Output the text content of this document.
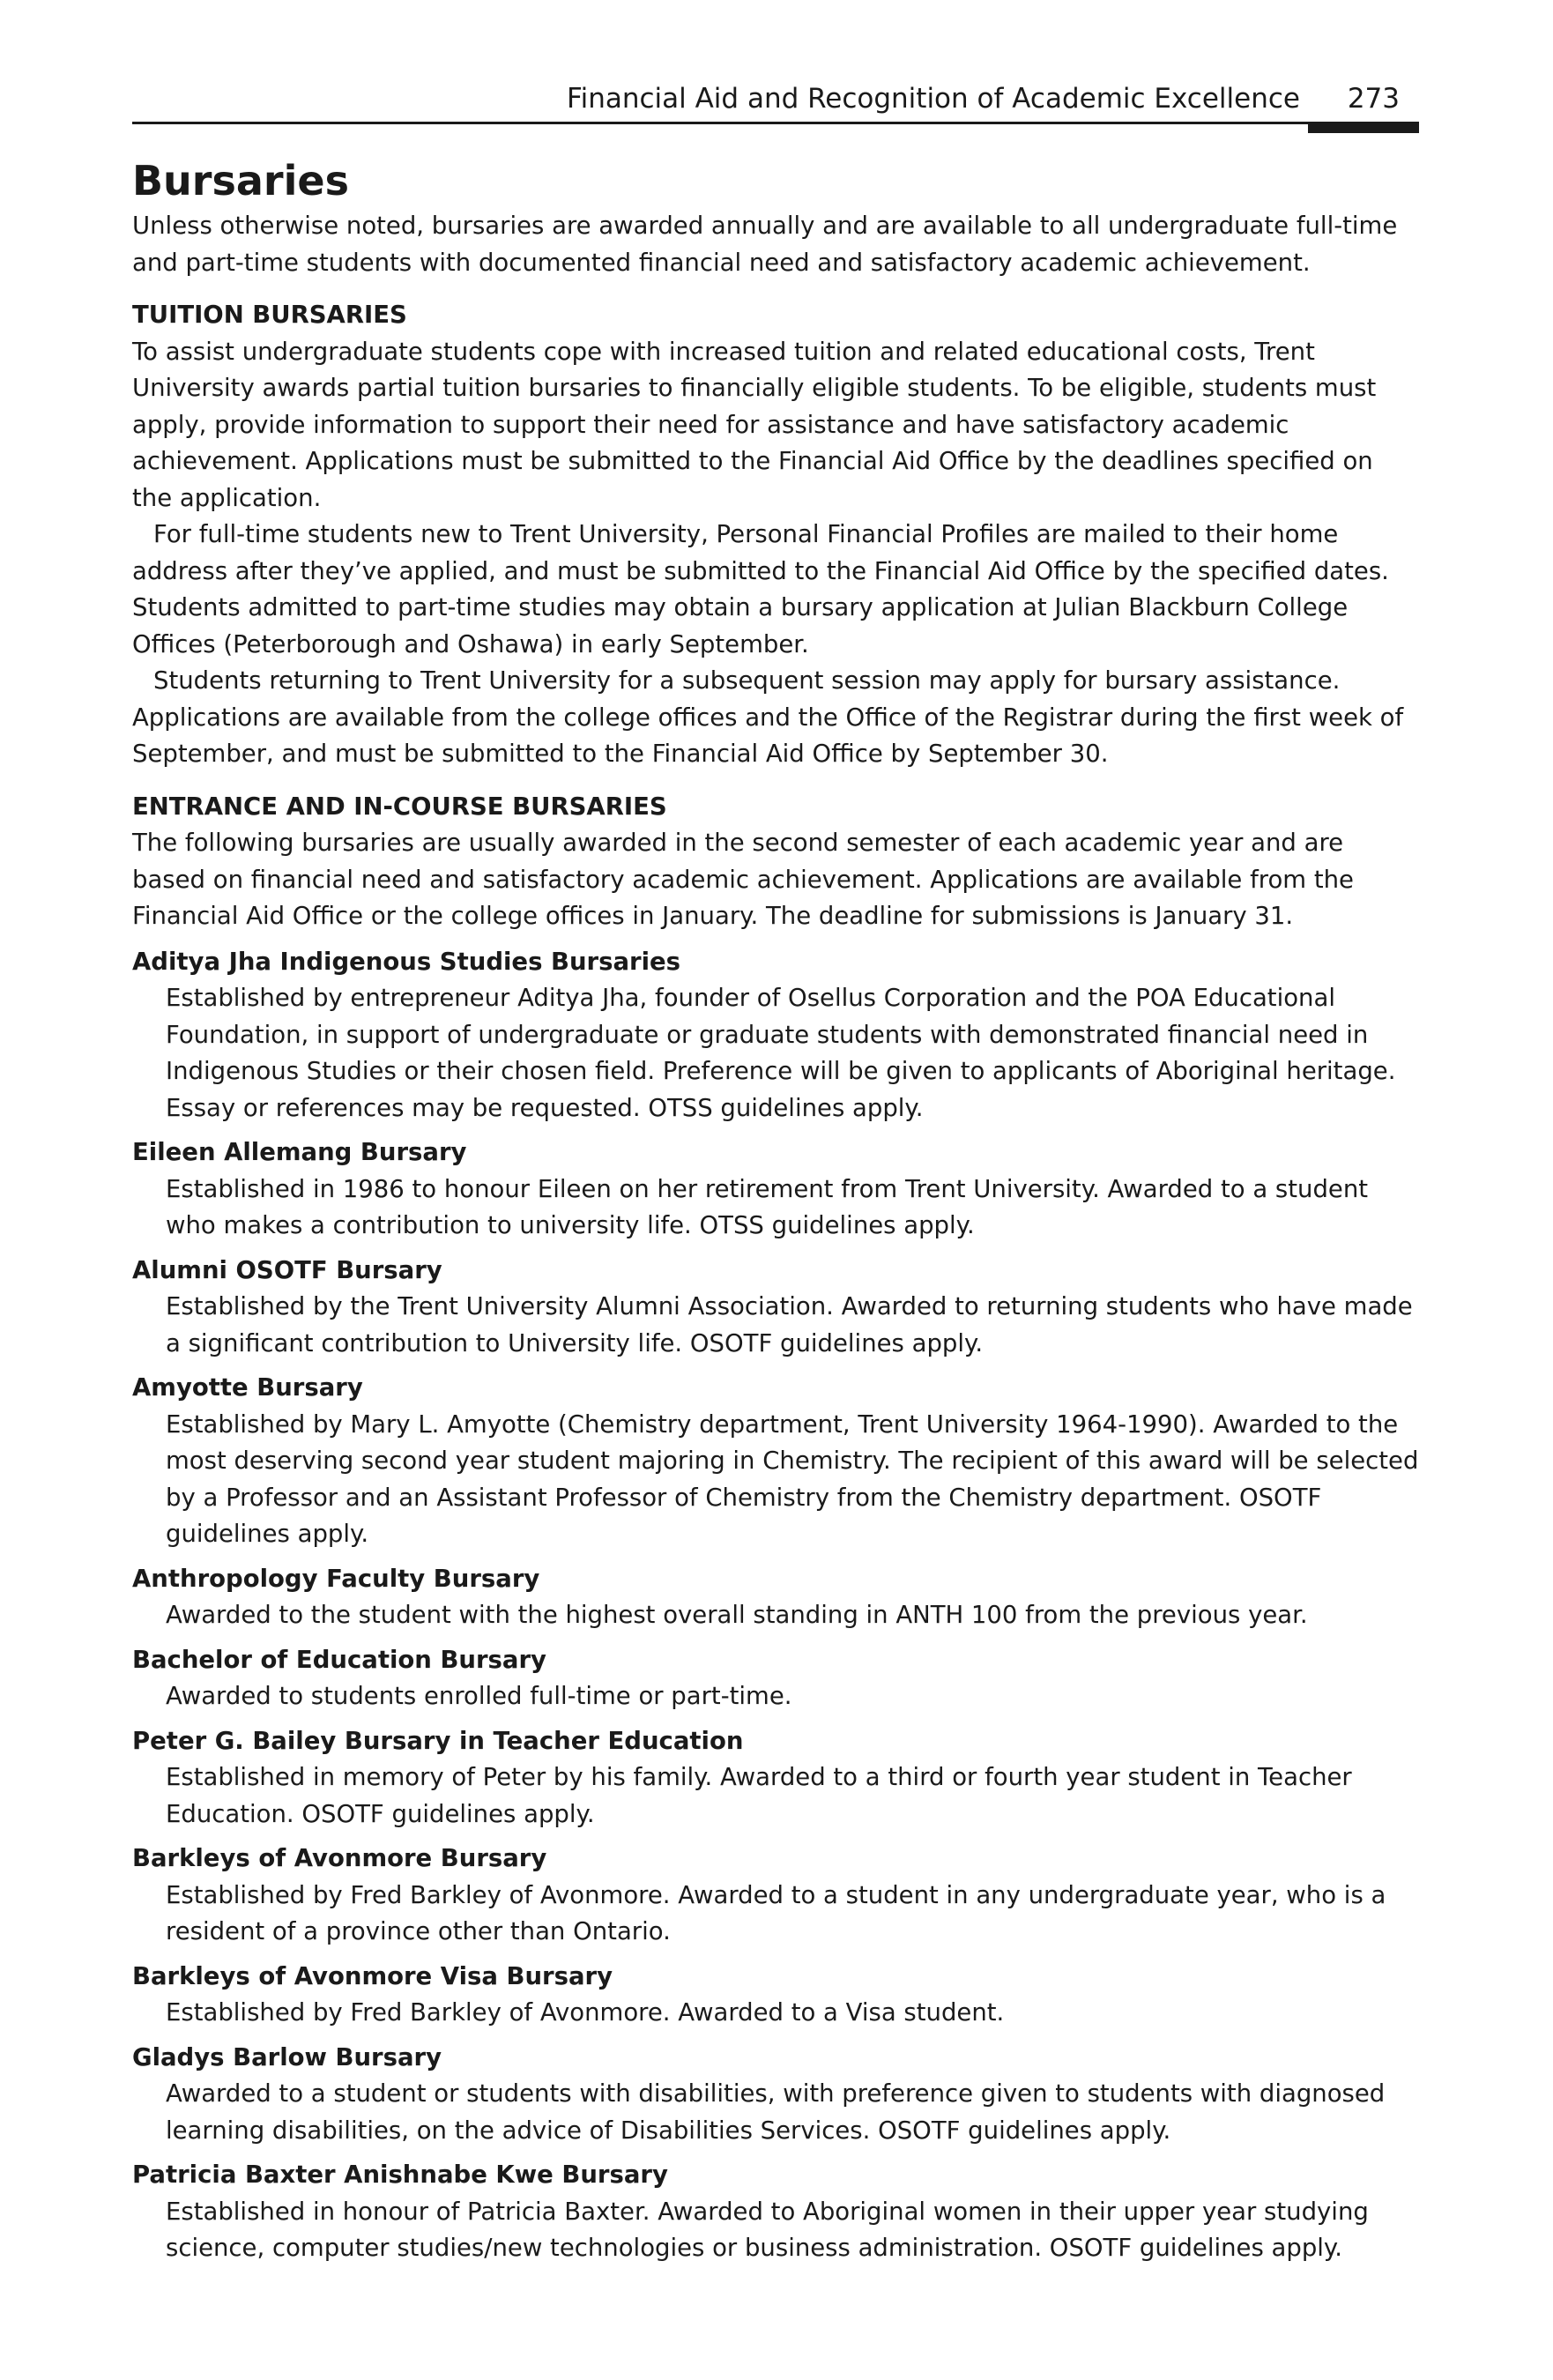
Financial Aid and Recognition of Academic Excellence 273
Bursaries

Unless otherwise noted, bursaries are awarded annually and are available to all undergraduate full-time and part-time students with documented financial need and satisfactory academic achievement.

TUITION BURSARIES

To assist undergraduate students cope with increased tuition and related educational costs, Trent University awards partial tuition bursaries to financially eligible students. To be eligible, students must apply, provide information to support their need for assistance and have satisfactory academic achievement. Applications must be submitted to the Financial Aid Office by the deadlines specified on the application.

For full-time students new to Trent University, Personal Financial Profiles are mailed to their home address after they’ve applied, and must be submitted to the Financial Aid Office by the specified dates. Students admitted to part-time studies may obtain a bursary application at Julian Blackburn College Offices (Peterborough and Oshawa) in early September.

Students returning to Trent University for a subsequent session may apply for bursary assistance. Applications are available from the college offices and the Office of the Registrar during the first week of September, and must be submitted to the Financial Aid Office by September 30.

ENTRANCE AND IN-COURSE BURSARIES

The following bursaries are usually awarded in the second semester of each academic year and are based on financial need and satisfactory academic achievement. Applications are available from the Financial Aid Office or the college offices in January. The deadline for submissions is January 31.

Aditya Jha Indigenous Studies Bursaries
Established by entrepreneur Aditya Jha, founder of Osellus Corporation and the POA Educational Foundation, in support of undergraduate or graduate students with demonstrated financial need in Indigenous Studies or their chosen field. Preference will be given to applicants of Aboriginal heritage. Essay or references may be requested. OTSS guidelines apply.
Eileen Allemang Bursary
Established in 1986 to honour Eileen on her retirement from Trent University. Awarded to a student who makes a contribution to university life. OTSS guidelines apply.
Alumni OSOTF Bursary
Established by the Trent University Alumni Association. Awarded to returning students who have made a significant contribution to University life. OSOTF guidelines apply.
Amyotte Bursary
Established by Mary L. Amyotte (Chemistry department, Trent University 1964-1990). Awarded to the most deserving second year student majoring in Chemistry. The recipient of this award will be selected by a Professor and an Assistant Professor of Chemistry from the Chemistry department. OSOTF guidelines apply.
Anthropology Faculty Bursary
Awarded to the student with the highest overall standing in ANTH 100 from the previous year.
Bachelor of Education Bursary
Awarded to students enrolled full-time or part-time.
Peter G. Bailey Bursary in Teacher Education
Established in memory of Peter by his family. Awarded to a third or fourth year student in Teacher Education. OSOTF guidelines apply.
Barkleys of Avonmore Bursary
Established by Fred Barkley of Avonmore. Awarded to a student in any undergraduate year, who is a resident of a province other than Ontario.
Barkleys of Avonmore Visa Bursary
Established by Fred Barkley of Avonmore. Awarded to a Visa student.
Gladys Barlow Bursary
Awarded to a student or students with disabilities, with preference given to students with diagnosed learning disabilities, on the advice of Disabilities Services. OSOTF guidelines apply.
Patricia Baxter Anishnabe Kwe Bursary
Established in honour of Patricia Baxter. Awarded to Aboriginal women in their upper year studying science, computer studies/new technologies or business administration. OSOTF guidelines apply.
